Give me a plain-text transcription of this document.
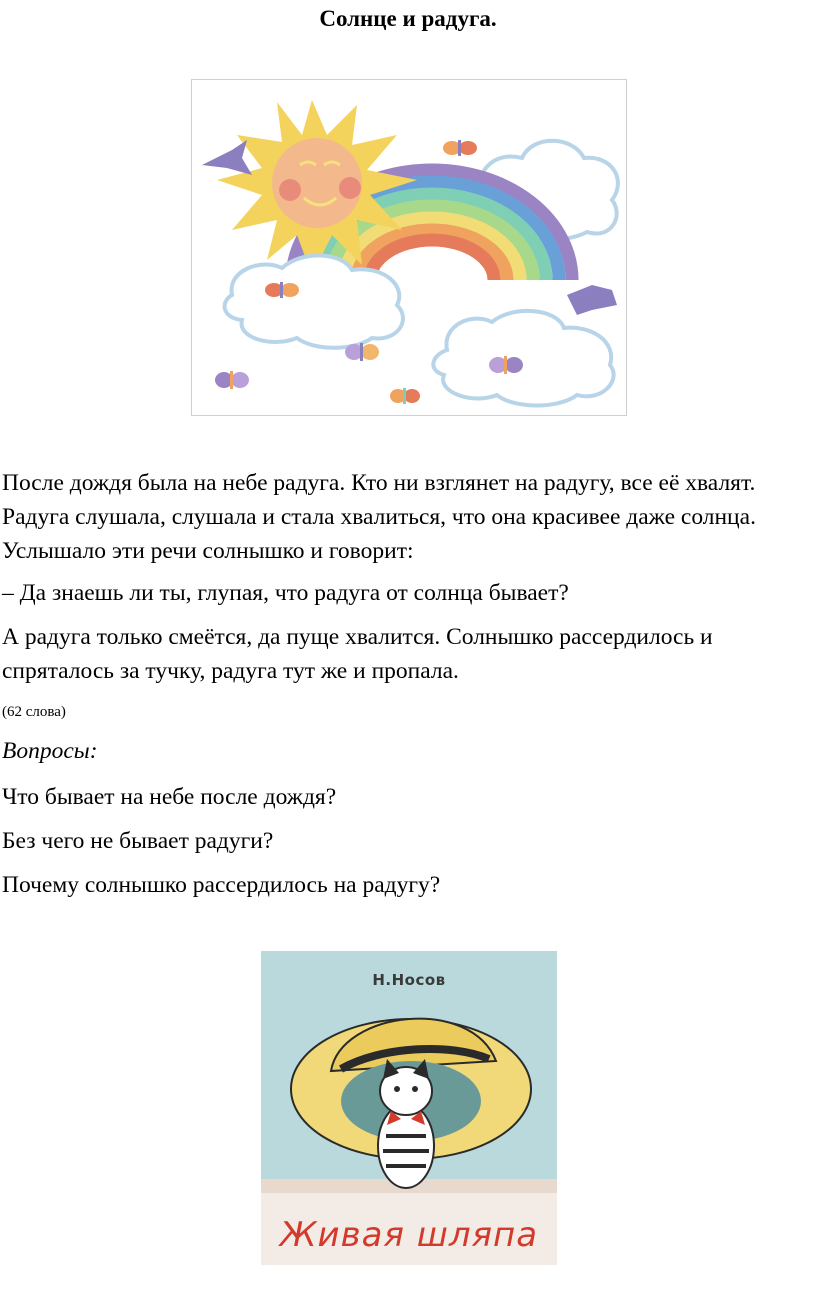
Солнце и радуга.

После дождя была на небе радуга. Кто ни взглянет на радугу, все её хвалят. Радуга слушала, слушала и стала хвалиться, что она красивее даже солнца. Услышало эти речи солнышко и говорит:

– Да знаешь ли ты, глупая, что радуга от солнца бывает?

А радуга только смеётся, да пуще хвалится. Солнышко рассердилось и спряталось за тучку, радуга тут же и пропала.

(62 слова)

Вопросы:

Что бывает на небе после дождя?

Без чего не бывает радуги?

Почему солнышко рассердилось на радугу?

Н.Носов
Живая шляпа
